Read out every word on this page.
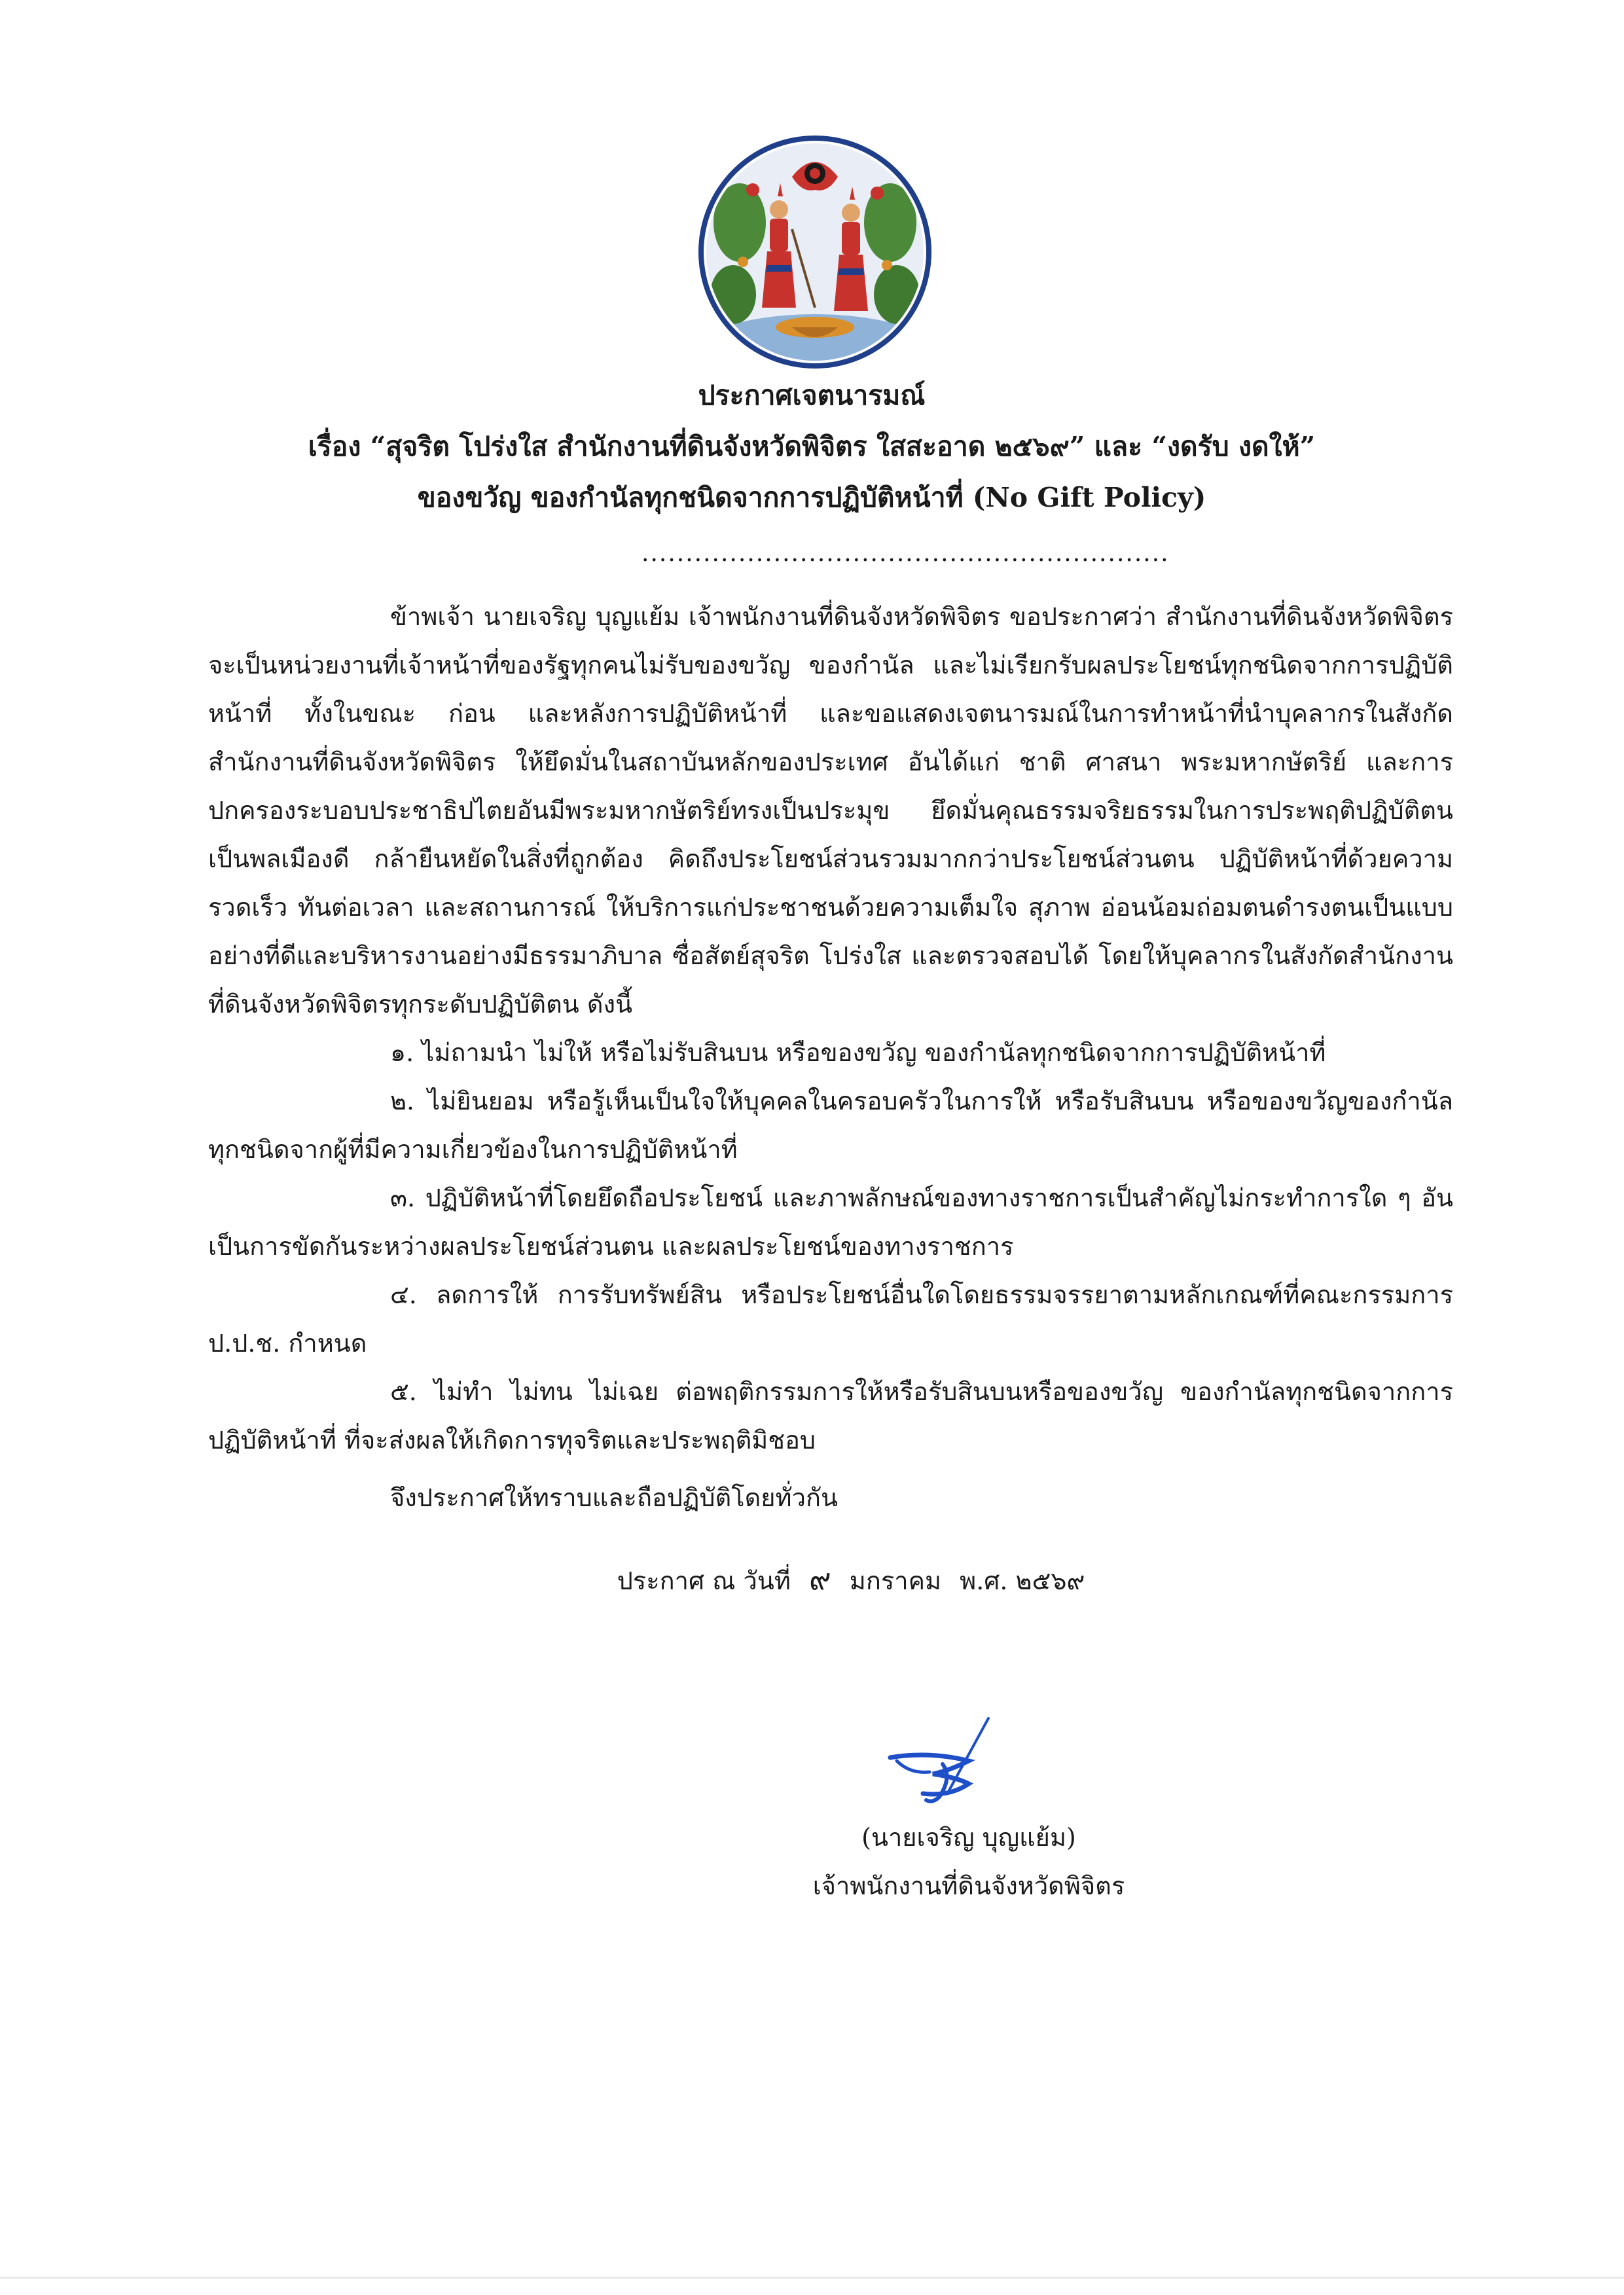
ประกาศเจตนารมณ์
เรื่อง “สุจริต โปร่งใส สำนักงานที่ดินจังหวัดพิจิตร ใสสะอาด ๒๕๖๙” และ “งดรับ งดให้”
ของขวัญ ของกำนัลทุกชนิดจากการปฏิบัติหน้าที่ (No Gift Policy)
............................................................

ข้าพเจ้า นายเจริญ บุญแย้ม เจ้าพนักงานที่ดินจังหวัดพิจิตร ขอประกาศว่า สำนักงานที่ดินจังหวัดพิจิตรจะเป็นหน่วยงานที่เจ้าหน้าที่ของรัฐทุกคนไม่รับของขวัญ ของกำนัล และไม่เรียกรับผลประโยชน์ทุกชนิดจากการปฏิบัติหน้าที่ ทั้งในขณะ ก่อน และหลังการปฏิบัติหน้าที่ และขอแสดงเจตนารมณ์ในการทำหน้าที่นำบุคลากรในสังกัดสำนักงานที่ดินจังหวัดพิจิตร ให้ยึดมั่นในสถาบันหลักของประเทศ อันได้แก่ ชาติ ศาสนา พระมหากษัตริย์ และการปกครองระบอบประชาธิปไตยอันมีพระมหากษัตริย์ทรงเป็นประมุข ยึดมั่นคุณธรรมจริยธรรมในการประพฤติปฏิบัติตนเป็นพลเมืองดี กล้ายืนหยัดในสิ่งที่ถูกต้อง คิดถึงประโยชน์ส่วนรวมมากกว่าประโยชน์ส่วนตน ปฏิบัติหน้าที่ด้วยความรวดเร็ว ทันต่อเวลา และสถานการณ์ ให้บริการแก่ประชาชนด้วยความเต็มใจ สุภาพ อ่อนน้อมถ่อมตนดำรงตนเป็นแบบอย่างที่ดีและบริหารงานอย่างมีธรรมาภิบาล ซื่อสัตย์สุจริต โปร่งใส และตรวจสอบได้ โดยให้บุคลากรในสังกัดสำนักงานที่ดินจังหวัดพิจิตรทุกระดับปฏิบัติตน ดังนี้

๑. ไม่ถามนำ ไม่ให้ หรือไม่รับสินบน หรือของขวัญ ของกำนัลทุกชนิดจากการปฏิบัติหน้าที่

๒. ไม่ยินยอม หรือรู้เห็นเป็นใจให้บุคคลในครอบครัวในการให้ หรือรับสินบน หรือของขวัญของกำนัลทุกชนิดจากผู้ที่มีความเกี่ยวข้องในการปฏิบัติหน้าที่

๓. ปฏิบัติหน้าที่โดยยึดถือประโยชน์ และภาพลักษณ์ของทางราชการเป็นสำคัญไม่กระทำการใด ๆ อันเป็นการขัดกันระหว่างผลประโยชน์ส่วนตน และผลประโยชน์ของทางราชการ

๔. ลดการให้ การรับทรัพย์สิน หรือประโยชน์อื่นใดโดยธรรมจรรยาตามหลักเกณฑ์ที่คณะกรรมการ ป.ป.ช. กำหนด

๕. ไม่ทำ ไม่ทน ไม่เฉย ต่อพฤติกรรมการให้หรือรับสินบนหรือของขวัญ ของกำนัลทุกชนิดจากการปฏิบัติหน้าที่ ที่จะส่งผลให้เกิดการทุจริตและประพฤติมิชอบ

จึงประกาศให้ทราบและถือปฏิบัติโดยทั่วกัน

ประกาศ ณ วันที่ ๙ มกราคม พ.ศ. ๒๕๖๙
(นายเจริญ บุญแย้ม)
เจ้าพนักงานที่ดินจังหวัดพิจิตร
